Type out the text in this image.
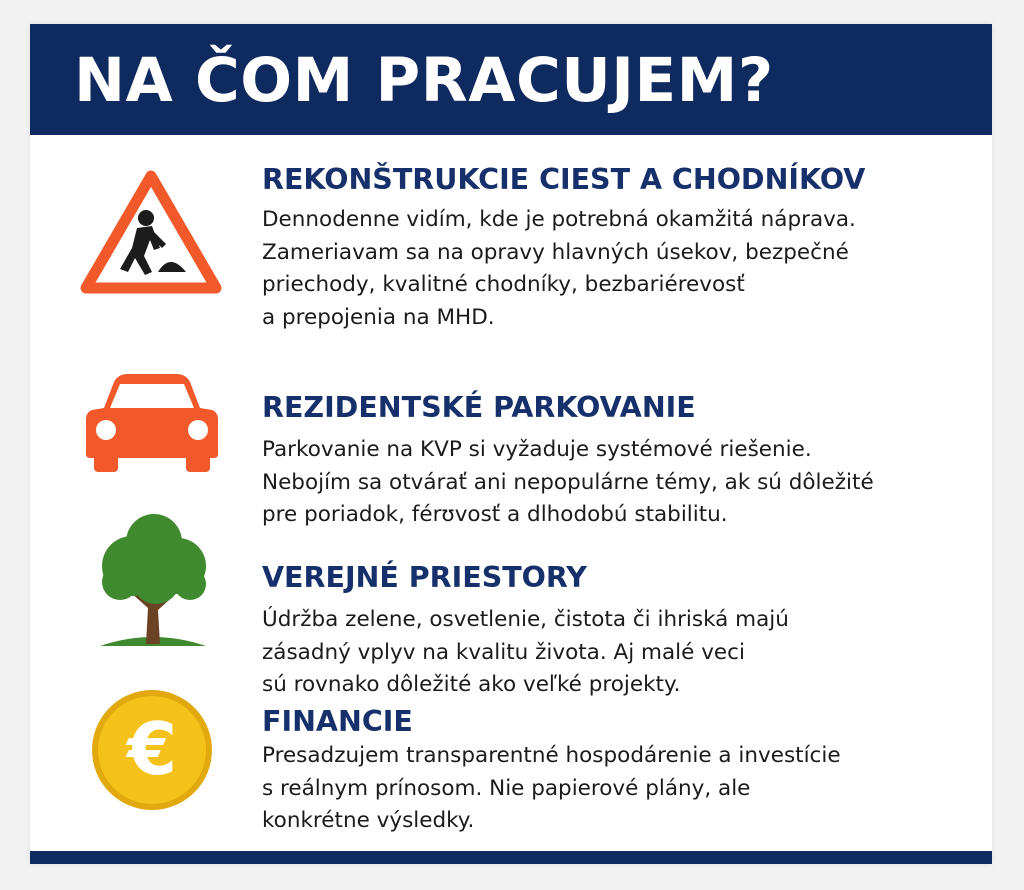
NA ČOM PRACUJEM?
REKONŠTRUKCIE CIEST A CHODNÍKOV
Dennodenne vidím, kde je potrebná okamžitá náprava.
Zameriavam sa na opravy hlavných úsekov, bezpečné
priechody, kvalitné chodníky, bezbariérevosť
a prepojenia na MHD.
REZIDENTSKÉ PARKOVANIE
Parkovanie na KVP si vyžaduje systémové riešenie.
Nebojím sa otvárať ani nepopulárne témy, ak sú dôležité
pre poriadok, férʊvosť a dlhodobú stabilitu.
VEREJNÉ PRIESTORY
Údržba zelene, osvetlenie, čistota či ihriská majú
zásadný vplyv na kvalitu života. Aj malé veci
sú rovnako dôležité ako veľké projekty.
€	FINANCIE
Presadzujem transparentné hospodárenie a investície
s reálnym prínosom. Nie papierové plány, ale
konkrétne výsledky.
